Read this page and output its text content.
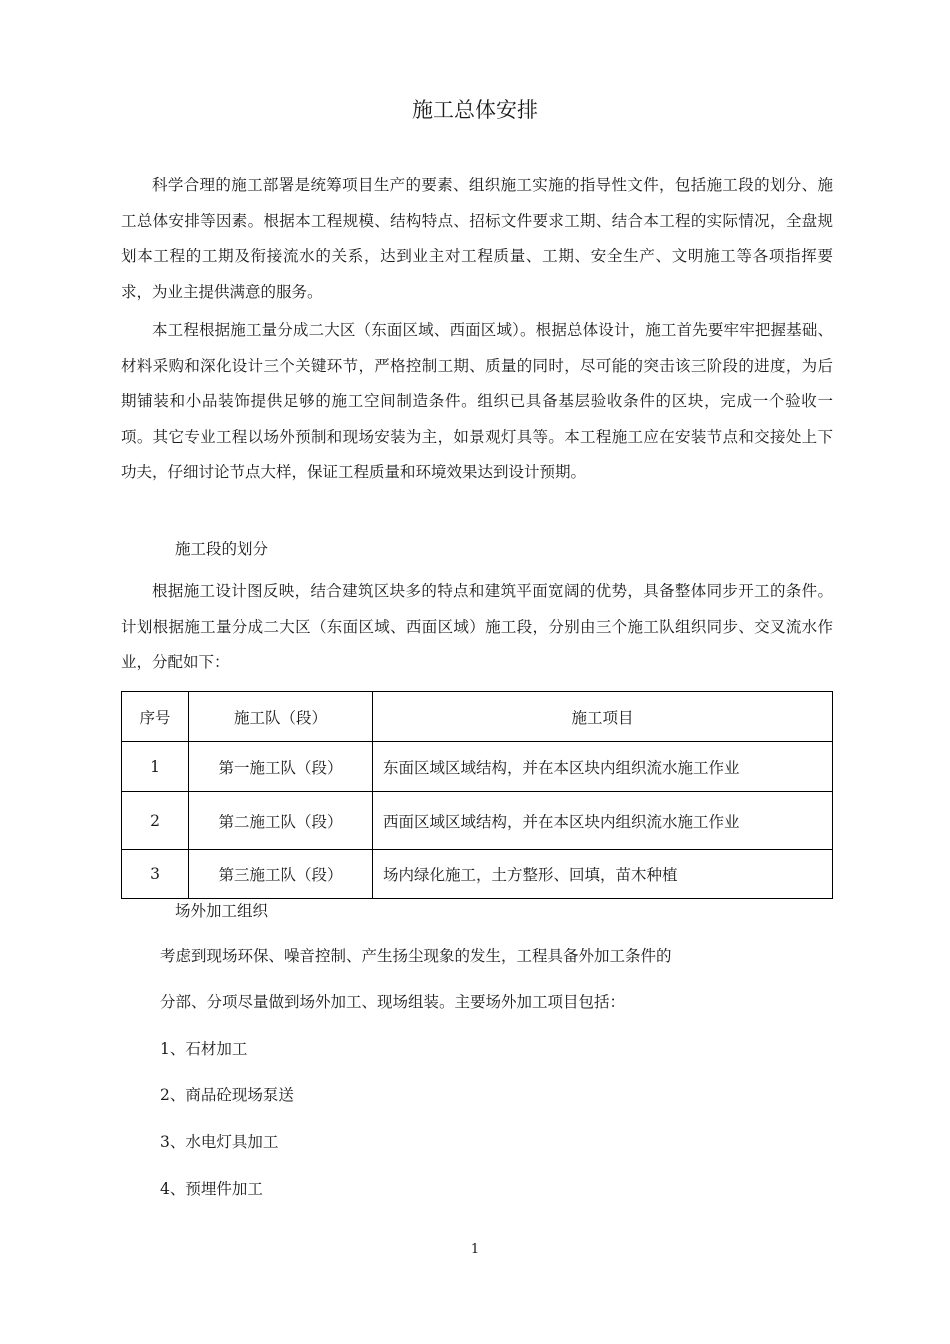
施工总体安排
科学合理的施工部署是统筹项目生产的要素、组织施工实施的指导性文件，包括施工段的划分、施工总体安排等因素。根据本工程规模、结构特点、招标文件要求工期、结合本工程的实际情况，全盘规划本工程的工期及衔接流水的关系，达到业主对工程质量、工期、安全生产、文明施工等各项指挥要求，为业主提供满意的服务。
本工程根据施工量分成二大区（东面区域、西面区域）。根据总体设计，施工首先要牢牢把握基础、材料采购和深化设计三个关键环节，严格控制工期、质量的同时，尽可能的突击该三阶段的进度，为后期铺装和小品装饰提供足够的施工空间制造条件。组织已具备基层验收条件的区块，完成一个验收一项。其它专业工程以场外预制和现场安装为主，如景观灯具等。本工程施工应在安装节点和交接处上下功夫，仔细讨论节点大样，保证工程质量和环境效果达到设计预期。
施工段的划分
根据施工设计图反映，结合建筑区块多的特点和建筑平面宽阔的优势，具备整体同步开工的条件。计划根据施工量分成二大区（东面区域、西面区域）施工段，分别由三个施工队组织同步、交叉流水作业，分配如下：
序号	施工队（段）	施工项目
1	第一施工队（段）	东面区域区域结构，并在本区块内组织流水施工作业
2	第二施工队（段）	西面区域区域结构，并在本区块内组织流水施工作业
3	第三施工队（段）	场内绿化施工，土方整形、回填，苗木种植
场外加工组织
考虑到现场环保、噪音控制、产生扬尘现象的发生，工程具备外加工条件的
分部、分项尽量做到场外加工、现场组装。主要场外加工项目包括：
1、石材加工
2、商品砼现场泵送
3、水电灯具加工
4、预埋件加工
1
